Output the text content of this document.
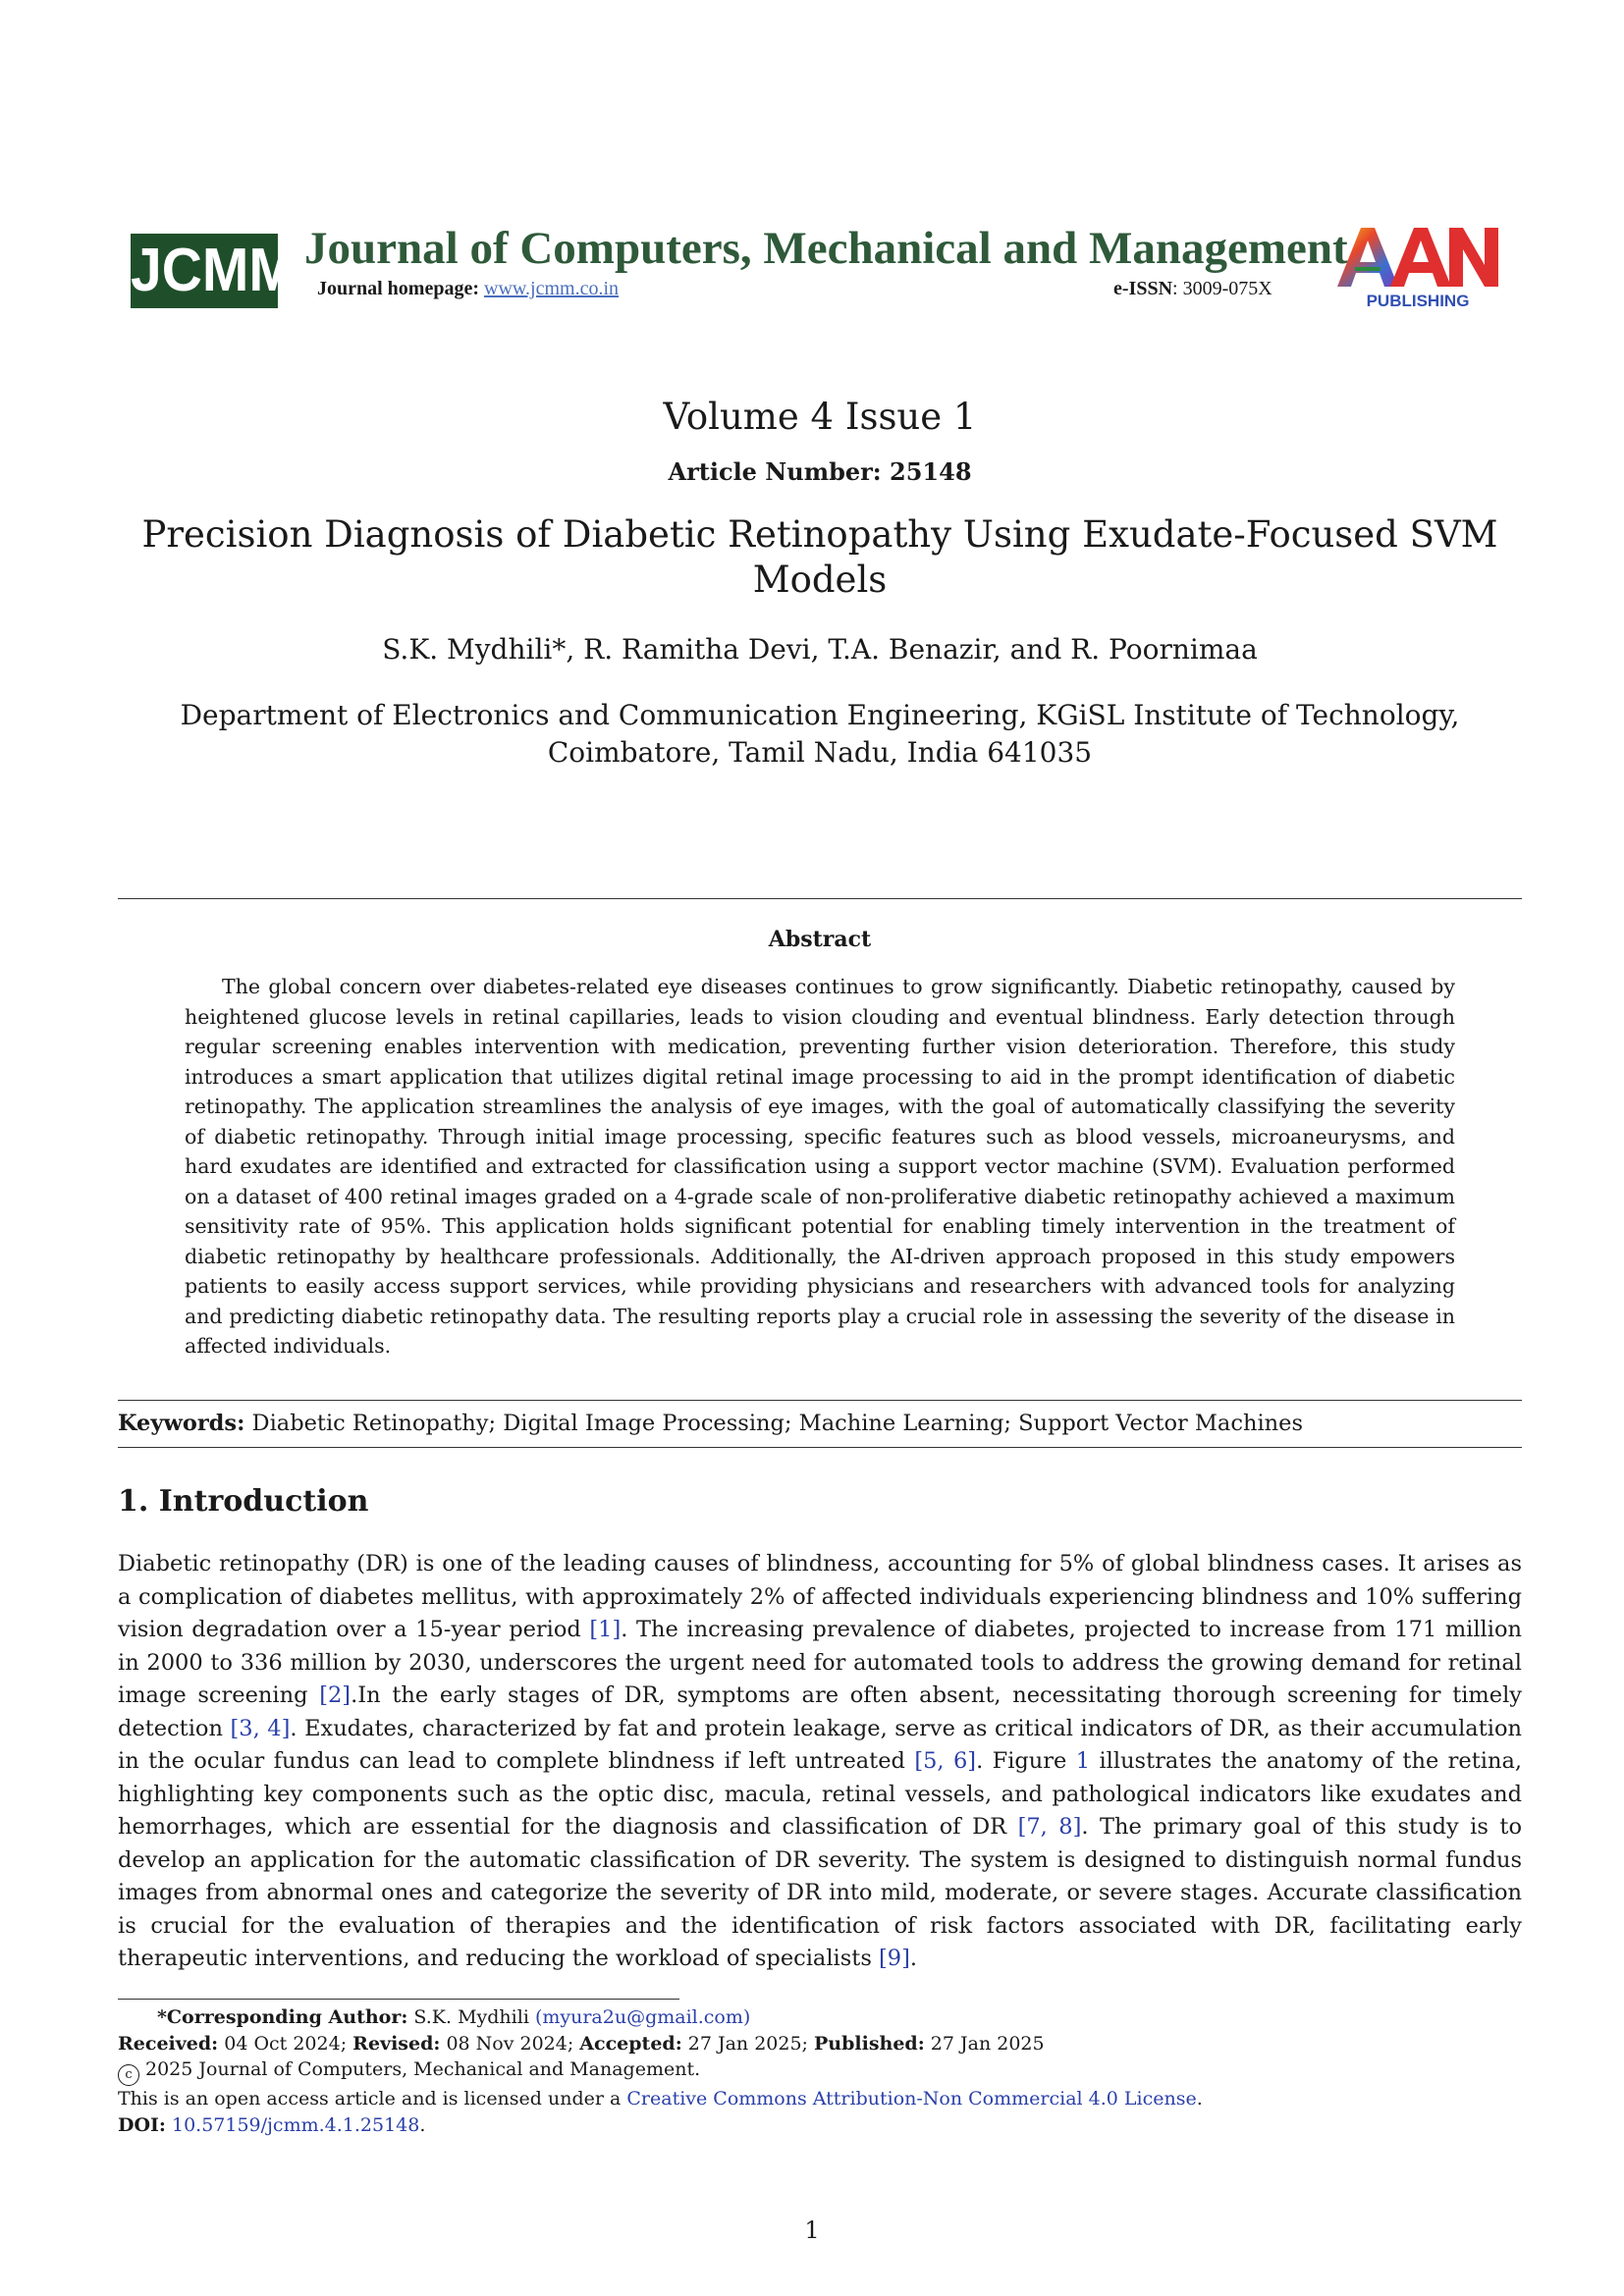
JCMM Journal of Computers, Mechanical and Management
Journal homepage: www.jcmm.co.in	e-ISSN: 3009-075X
PUBLISHING
Volume 4 Issue 1
Article Number: 25148
Precision Diagnosis of Diabetic Retinopathy Using Exudate-Focused SVM
Models
S.K. Mydhili*, R. Ramitha Devi, T.A. Benazir, and R. Poornimaa
Department of Electronics and Communication Engineering, KGiSL Institute of Technology,
Coimbatore, Tamil Nadu, India 641035
Abstract
The global concern over diabetes-related eye diseases continues to grow significantly. Diabetic retinopathy, caused by heightened glucose levels in retinal capillaries, leads to vision clouding and eventual blindness. Early detection through regular screening enables intervention with medication, preventing further vision deterioration. Therefore, this study introduces a smart application that utilizes digital retinal image processing to aid in the prompt identification of diabetic retinopathy. The application streamlines the analysis of eye images, with the goal of automatically classifying the severity of diabetic retinopathy. Through initial image processing, specific features such as blood vessels, microaneurysms, and hard exudates are identified and extracted for classification using a support vector machine (SVM). Evaluation performed on a dataset of 400 retinal images graded on a 4-grade scale of non-proliferative diabetic retinopathy achieved a maximum sensitivity rate of 95%. This application holds significant potential for enabling timely intervention in the treatment of diabetic retinopathy by healthcare professionals. Additionally, the AI-driven approach proposed in this study empowers patients to easily access support services, while providing physicians and researchers with advanced tools for analyzing and predicting diabetic retinopathy data. The resulting reports play a crucial role in assessing the severity of the disease in affected individuals.
Keywords: Diabetic Retinopathy; Digital Image Processing; Machine Learning; Support Vector Machines
1. Introduction
Diabetic retinopathy (DR) is one of the leading causes of blindness, accounting for 5% of global blindness cases. It arises as a complication of diabetes mellitus, with approximately 2% of affected individuals experiencing blindness and 10% suffering vision degradation over a 15-year period [1]. The increasing prevalence of diabetes, projected to increase from 171 million in 2000 to 336 million by 2030, underscores the urgent need for automated tools to address the growing demand for retinal image screening [2].In the early stages of DR, symptoms are often absent, necessitating thorough screening for timely detection [3, 4]. Exudates, characterized by fat and protein leakage, serve as critical indicators of DR, as their accumulation in the ocular fundus can lead to complete blindness if left untreated [5, 6]. Figure 1 illustrates the anatomy of the retina, highlighting key components such as the optic disc, macula, retinal vessels, and pathological indicators like exudates and hemorrhages, which are essential for the diagnosis and classification of DR [7, 8]. The primary goal of this study is to develop an application for the automatic classification of DR severity. The system is designed to distinguish normal fundus images from abnormal ones and categorize the severity of DR into mild, moderate, or severe stages. Accurate classification is crucial for the evaluation of therapies and the identification of risk factors associated with DR, facilitating early therapeutic interventions, and reducing the workload of specialists [9].
*Corresponding Author: S.K. Mydhili (myura2u@gmail.com)
Received: 04 Oct 2024; Revised: 08 Nov 2024; Accepted: 27 Jan 2025; Published: 27 Jan 2025
c 2025 Journal of Computers, Mechanical and Management.
This is an open access article and is licensed under a Creative Commons Attribution-Non Commercial 4.0 License.
DOI: 10.57159/jcmm.4.1.25148.
1
